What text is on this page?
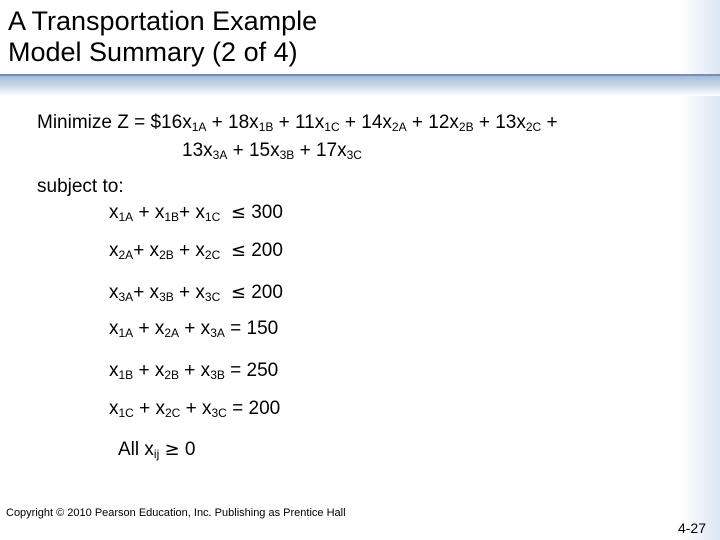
A Transportation Example
Model Summary (2 of 4)
Minimize $Z = \$16x_{1A} + 18x_{1B} + 11x_{1C} + 14x_{2A} + 12x_{2B} + 13x_{2C}$ +
$13x_{3A} + 15x_{3B} + 17x_{3C}$
subject to:
$x_{1A} + x_{1B}+ x_{1C} \le 300$
$x_{2A}+ x_{2B} + x_{2C} \le 200$
$x_{3A}+ x_{3B} + x_{3C} \le 200$
$x_{1A} + x_{2A} + x_{3A} = 150$
$x_{1B} + x_{2B} + x_{3B} = 250$
$x_{1C} + x_{2C} + x_{3C} = 200$
All $x_{ij} \ge 0$
Copyright © 2010 Pearson Education, Inc. Publishing as Prentice Hall
4-27
